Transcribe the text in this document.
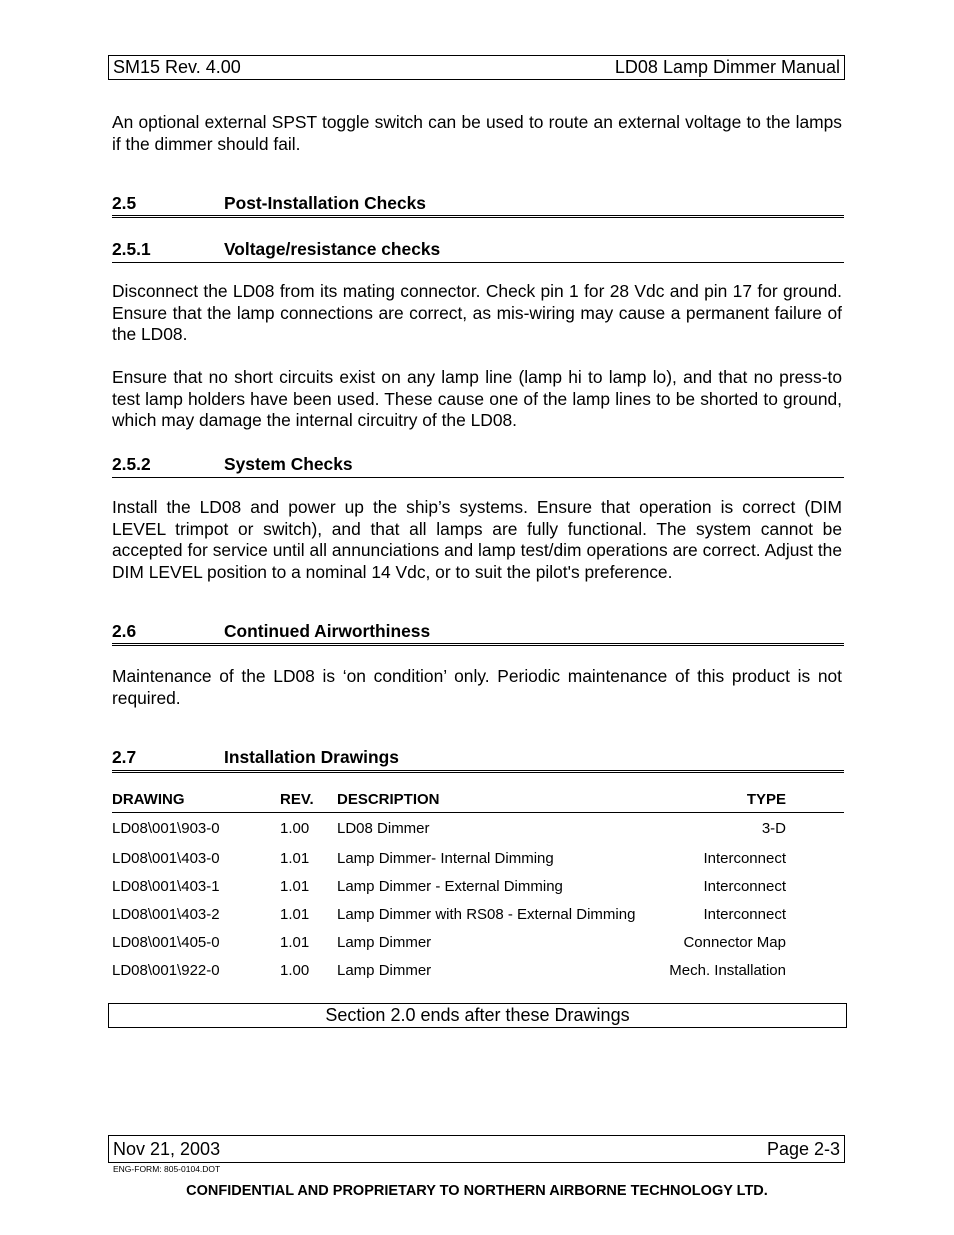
SM15 Rev. 4.00	LD08 Lamp Dimmer Manual

An optional external SPST toggle switch can be used to route an external voltage to the lamps if the dimmer should fail.

2.5	Post-Installation Checks
2.5.1	Voltage/resistance checks

Disconnect the LD08 from its mating connector. Check pin 1 for 28 Vdc and pin 17 for ground. Ensure that the lamp connections are correct, as mis-wiring may cause a permanent failure of the LD08.

Ensure that no short circuits exist on any lamp line (lamp hi to lamp lo), and that no press-to test lamp holders have been used. These cause one of the lamp lines to be shorted to ground, which may damage the internal circuitry of the LD08.

2.5.2	System Checks

Install the LD08 and power up the ship’s systems. Ensure that operation is correct (DIM LEVEL trimpot or switch), and that all lamps are fully functional. The system cannot be accepted for service until all annunciations and lamp test/dim operations are correct. Adjust the DIM LEVEL position to a nominal 14 Vdc, or to suit the pilot's preference.

2.6	Continued Airworthiness

Maintenance of the LD08 is ‘on condition’ only. Periodic maintenance of this product is not required.

2.7	Installation Drawings
DRAWING	REV. DESCRIPTION	TYPE
LD08\001\903-0	1.00 LD08 Dimmer	3-D
LD08\001\403-0	1.01 Lamp Dimmer- Internal Dimming	Interconnect
LD08\001\403-1	1.01 Lamp Dimmer - External Dimming	Interconnect
LD08\001\403-2	1.01 Lamp Dimmer with RS08 - External Dimming	Interconnect
LD08\001\405-0	1.01 Lamp Dimmer	Connector Map
LD08\001\922-0	1.00 Lamp Dimmer	Mech. Installation
Section 2.0 ends after these Drawings
Nov 21, 2003	Page 2-3
ENG-FORM: 805-0104.DOT
CONFIDENTIAL AND PROPRIETARY TO NORTHERN AIRBORNE TECHNOLOGY LTD.
